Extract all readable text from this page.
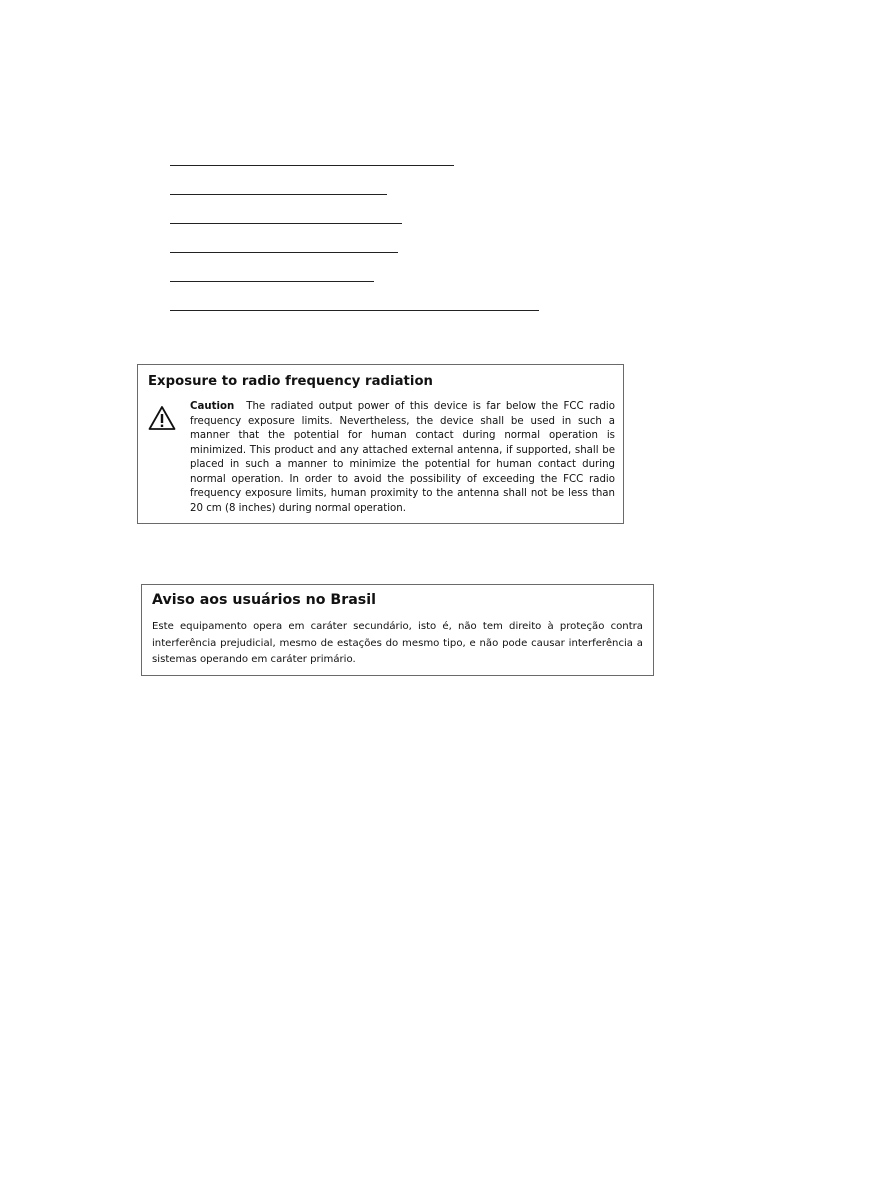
Exposure to radio frequency radiation

Caution The radiated output power of this device is far below the FCC radio frequency exposure limits. Nevertheless, the device shall be used in such a manner that the potential for human contact during normal operation is minimized. This product and any attached external antenna, if supported, shall be placed in such a manner to minimize the potential for human contact during normal operation. In order to avoid the possibility of exceeding the FCC radio frequency exposure limits, human proximity to the antenna shall not be less than 20 cm (8 inches) during normal operation.

Aviso aos usuários no Brasil

Este equipamento opera em caráter secundário, isto é, não tem direito à proteção contra interferência prejudicial, mesmo de estações do mesmo tipo, e não pode causar interferência a sistemas operando em caráter primário.
